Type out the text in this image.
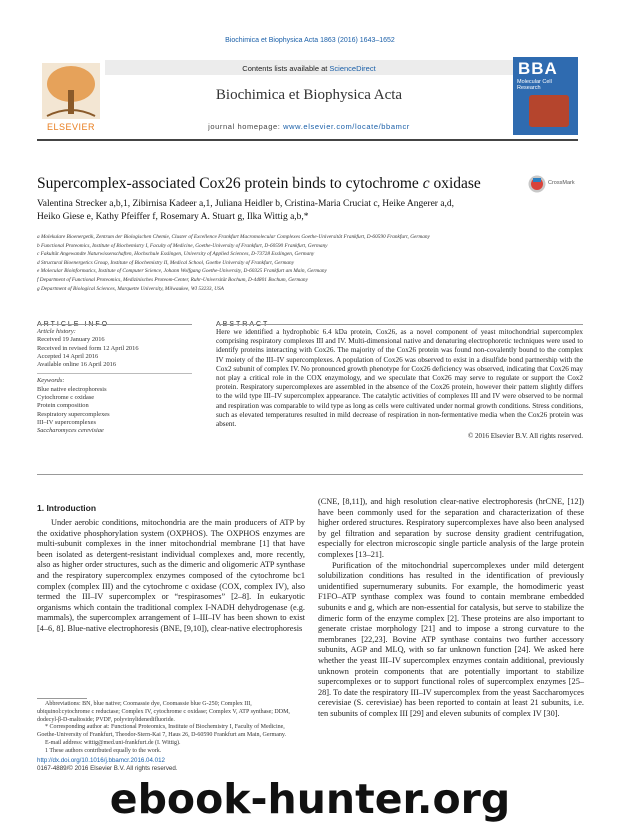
Biochimica et Biophysica Acta 1863 (2016) 1643–1652
ELSEVIER
Contents lists available at ScienceDirect
Biochimica et Biophysica Acta
journal homepage: www.elsevier.com/locate/bbamcr
BBA
Molecular Cell Research
Supercomplex-associated Cox26 protein binds to cytochrome c oxidase	CrossMark
Valentina Strecker a,b,1, Zibirnisa Kadeer a,1, Juliana Heidler b, Cristina-Maria Cruciat c, Heike Angerer a,d,
Heiko Giese e, Kathy Pfeiffer f, Rosemary A. Stuart g, Ilka Wittig a,b,*
a Molekulare Bioenergetik, Zentrum der Biologischen Chemie, Cluster of Excellence Frankfurt Macromolecular Complexes Goethe-Universität Frankfurt, D-60590 Frankfurt, Germany
b Functional Proteomics, Institute of Biochemistry I, Faculty of Medicine, Goethe-University of Frankfurt, D-60590 Frankfurt, Germany
c Fakultät Angewandte Naturwissenschaften, Hochschule Esslingen, University of Applied Sciences, D-73728 Esslingen, Germany
d Structural Bioenergetics Group, Institute of Biochemistry II, Medical School, Goethe University of Frankfurt, Germany
e Molecular Bioinformatics, Institute of Computer Science, Johann Wolfgang Goethe-University, D-60325 Frankfurt am Main, Germany
f Department of Functional Proteomics, Medizinisches Proteom-Center, Ruhr-Universität Bochum, D-44801 Bochum, Germany
g Department of Biological Sciences, Marquette University, Milwaukee, WI 53233, USA
Article history:
Received 19 January 2016
Received in revised form 12 April 2016
Accepted 14 April 2016
Available online 16 April 2016
Keywords:
Blue native electrophoresis
Cytochrome c oxidase
Protein composition
Respiratory supercomplexes
III–IV supercomplexes
Saccharomyces cerevisiae
Here we identified a hydrophobic 6.4 kDa protein, Cox26, as a novel component of yeast mitochondrial supercomplex comprising respiratory complexes III and IV. Multi-dimensional native and denaturing electrophoretic techniques were used to identify proteins interacting with Cox26. The majority of the Cox26 protein was found non-covalently bound to the complex IV moiety of the III–IV supercomplexes. A population of Cox26 was observed to exist in a disulfide bond partnership with the Cox2 subunit of complex IV. No pronounced growth phenotype for Cox26 deficiency was observed, indicating that Cox26 may not play a critical role in the COX enzymology, and we speculate that Cox26 may serve to regulate or support the Cox2 protein. Respiratory supercomplexes are assembled in the absence of the Cox26 protein, however their pattern slightly differs to the wild type III–IV supercomplex appearance. The catalytic activities of complexes III and IV were observed to be normal and respiration was comparable to wild type as long as cells were cultivated under normal growth conditions. Stress conditions, such as elevated temperatures resulted in mild decrease of respiration in non-fermentative media when the Cox26 protein was absent.
© 2016 Elsevier B.V. All rights reserved.
1. Introduction
Under aerobic conditions, mitochondria are the main producers of ATP by the oxidative phosphorylation system (OXPHOS). The OXPHOS enzymes are multi-subunit complexes in the inner mitochondrial membrane [1] that have been isolated as detergent-resistant individual complexes and, more recently, also as higher order structures, such as the dimeric and oligomeric ATP synthase and the respiratory supercomplex enzymes composed of the cytochrome bc1 complex (complex III) and the cytochrome c oxidase (COX, complex IV), also termed the III–IV supercomplex or “respirasomes” [2–8]. In eukaryotic organisms which contain the traditional complex I-NADH dehydrogenase (e.g. mammals), the supercomplex arrangement of I–III–IV has been shown to exist [4–6, 8]. Blue-native electrophoresis (BNE, [9,10]), clear-native electrophoresis
Abbreviations: BN, blue native; Coomassie dye, Coomassie blue G-250; Complex III, ubiquinol:cytochrome c reductase; Complex IV, cytochrome c oxidase; Complex V, ATP synthase; DDM, dodecyl-β-D-maltoside; PVDF, polyvinylidenedifluoride.
* Corresponding author at: Functional Proteomics, Institute of Biochemistry I, Faculty of Medicine, Goethe-University of Frankfurt, Theodor-Stern-Kai 7, Haus 26, D-60590 Frankfurt am Main, Germany.
E-mail address: wittig@med.uni-frankfurt.de (I. Wittig).
1 These authors contributed equally to the work.
(CNE, [8,11]), and high resolution clear-native electrophoresis (hrCNE, [12]) have been commonly used for the separation and characterization of these higher ordered structures. Respiratory supercomplexes have also been analysed by gel filtration and separation by sucrose density gradient centrifugation, especially for electron microscopic single particle analysis of the large protein complexes [13–21].
Purification of the mitochondrial supercomplexes under mild detergent solubilization conditions has resulted in the identification of previously unidentified supernumerary subunits. For example, the homodimeric yeast F1FO–ATP synthase complex was found to contain membrane embedded subunits e and g, which are non-essential for catalysis, but serve to stabilize the dimeric form of the enzyme complex [2]. These proteins are also important to generate cristae morphology [21] and to impose a strong curvature to the membranes [22,23]. Bovine ATP synthase contains two further accessory subunits, AGP and MLQ, with so far unknown function [24]. We asked here whether the yeast III–IV supercomplex enzymes contain additional, previously unknown protein components that are potentially important to stabilize supercomplexes or to support functional roles of supercomplex enzymes [25–28]. To date the respiratory III–IV supercomplex from the yeast Saccharomyces cerevisiae (S. cerevisiae) has been reported to contain at least 21 subunits, i.e. ten subunits of complex III [29] and eleven subunits of complex IV [30].
http://dx.doi.org/10.1016/j.bbamcr.2016.04.012
0167-4889/© 2016 Elsevier B.V. All rights reserved.
ebook-hunter.org
